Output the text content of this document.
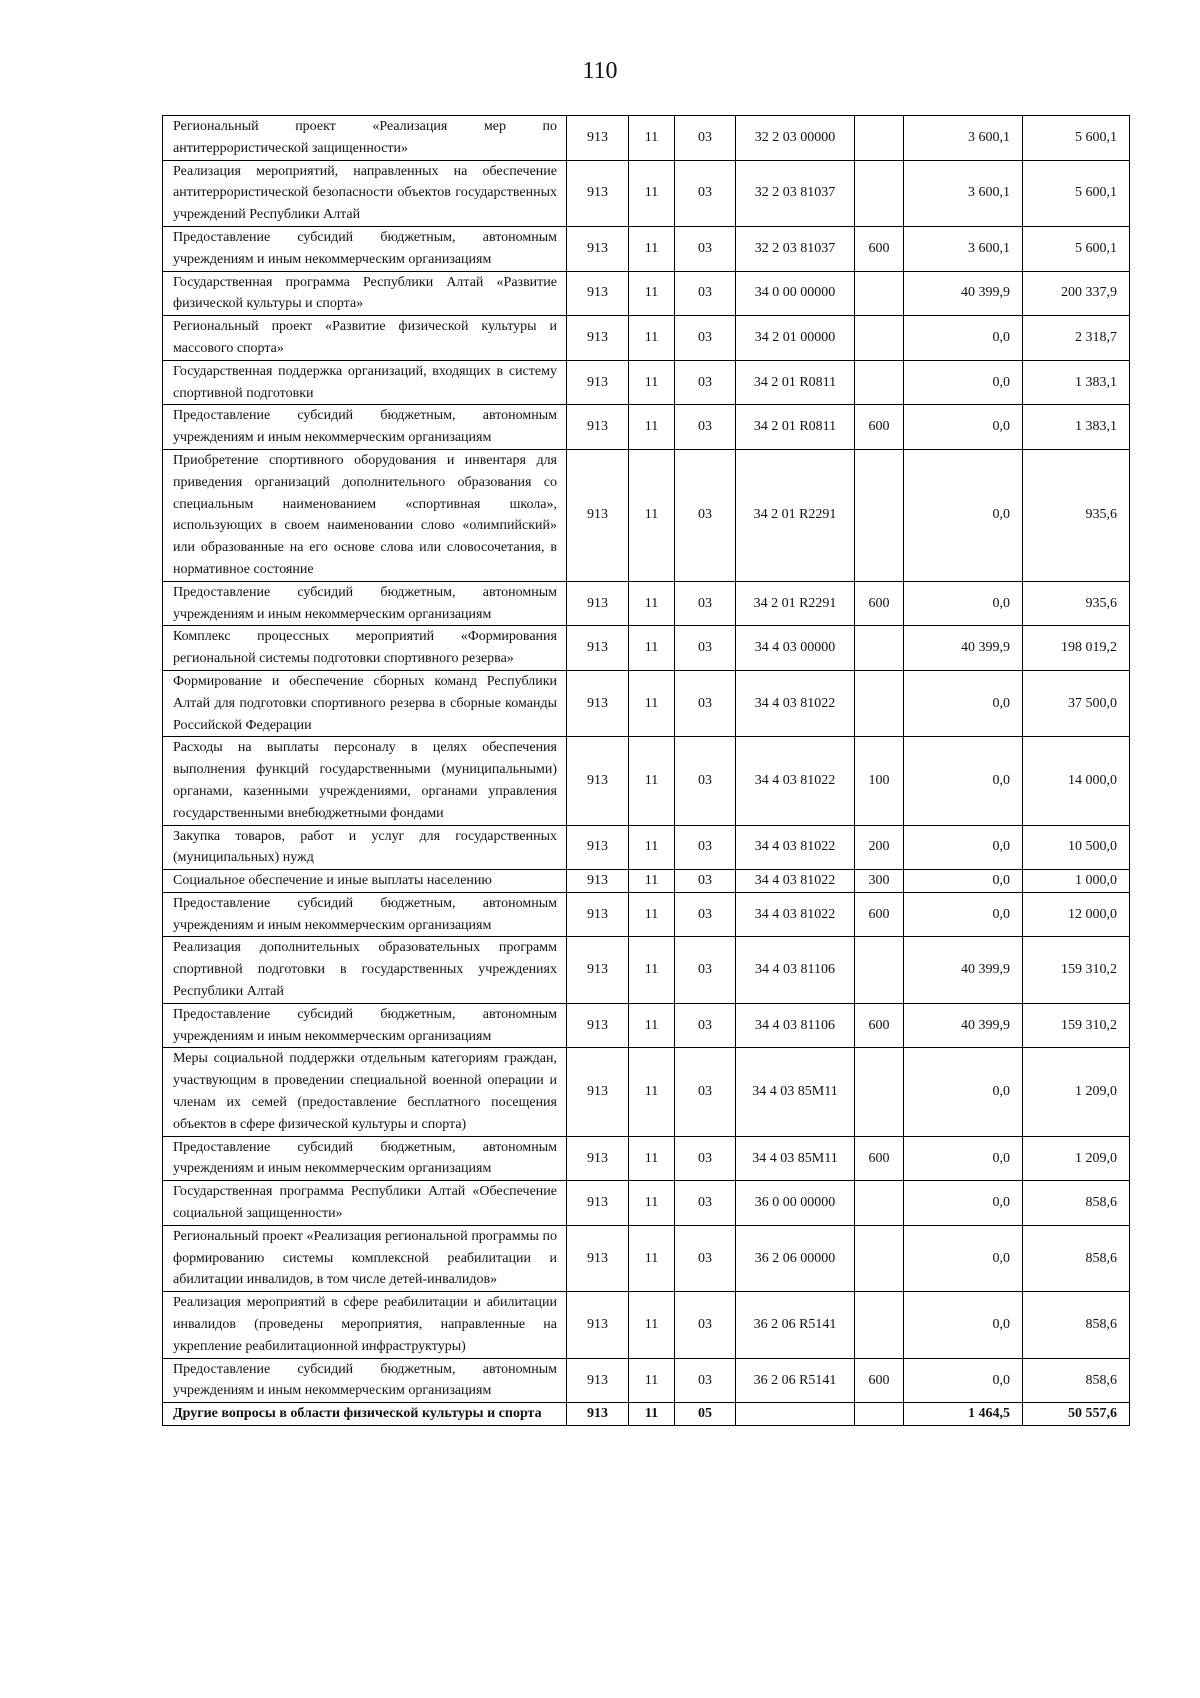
110
Региональный проект «Реализация мер по антитеррористической защищенности»	913	11	03	32 2 03 00000		3 600,1	5 600,1
Реализация мероприятий, направленных на обеспечение антитеррористической безопасности объектов государственных учреждений Республики Алтай	913	11	03	32 2 03 81037		3 600,1	5 600,1
Предоставление субсидий бюджетным, автономным учреждениям и иным некоммерческим организациям	913	11	03	32 2 03 81037	600	3 600,1	5 600,1
Государственная программа Республики Алтай «Развитие физической культуры и спорта»	913	11	03	34 0 00 00000		40 399,9	200 337,9
Региональный проект «Развитие физической культуры и массового спорта»	913	11	03	34 2 01 00000		0,0	2 318,7
Государственная поддержка организаций, входящих в систему спортивной подготовки	913	11	03	34 2 01 R0811		0,0	1 383,1
Предоставление субсидий бюджетным, автономным учреждениям и иным некоммерческим организациям	913	11	03	34 2 01 R0811	600	0,0	1 383,1
Приобретение спортивного оборудования и инвентаря для приведения организаций дополнительного образования со специальным наименованием «спортивная школа», использующих в своем наименовании слово «олимпийский» или образованные на его основе слова или словосочетания, в нормативное состояние	913	11	03	34 2 01 R2291		0,0	935,6
Предоставление субсидий бюджетным, автономным учреждениям и иным некоммерческим организациям	913	11	03	34 2 01 R2291	600	0,0	935,6
Комплекс процессных мероприятий «Формирования региональной системы подготовки спортивного резерва»	913	11	03	34 4 03 00000		40 399,9	198 019,2
Формирование и обеспечение сборных команд Республики Алтай для подготовки спортивного резерва в сборные команды Российской Федерации	913	11	03	34 4 03 81022		0,0	37 500,0
Расходы на выплаты персоналу в целях обеспечения выполнения функций государственными (муниципальными) органами, казенными учреждениями, органами управления государственными внебюджетными фондами	913	11	03	34 4 03 81022	100	0,0	14 000,0
Закупка товаров, работ и услуг для государственных (муниципальных) нужд	913	11	03	34 4 03 81022	200	0,0	10 500,0
Социальное обеспечение и иные выплаты населению	913	11	03	34 4 03 81022	300	0,0	1 000,0
Предоставление субсидий бюджетным, автономным учреждениям и иным некоммерческим организациям	913	11	03	34 4 03 81022	600	0,0	12 000,0
Реализация дополнительных образовательных программ спортивной подготовки в государственных учреждениях Республики Алтай	913	11	03	34 4 03 81106		40 399,9	159 310,2
Предоставление субсидий бюджетным, автономным учреждениям и иным некоммерческим организациям	913	11	03	34 4 03 81106	600	40 399,9	159 310,2
Меры социальной поддержки отдельным категориям граждан, участвующим в проведении специальной военной операции и членам их семей (предоставление бесплатного посещения объектов в сфере физической культуры и спорта)	913	11	03	34 4 03 85M11		0,0	1 209,0
Предоставление субсидий бюджетным, автономным учреждениям и иным некоммерческим организациям	913	11	03	34 4 03 85M11	600	0,0	1 209,0
Государственная программа Республики Алтай «Обеспечение социальной защищенности»	913	11	03	36 0 00 00000		0,0	858,6
Региональный проект «Реализация региональной программы по формированию системы комплексной реабилитации и абилитации инвалидов, в том числе детей-инвалидов»	913	11	03	36 2 06 00000		0,0	858,6
Реализация мероприятий в сфере реабилитации и абилитации инвалидов (проведены мероприятия, направленные на укрепление реабилитационной инфраструктуры)	913	11	03	36 2 06 R5141		0,0	858,6
Предоставление субсидий бюджетным, автономным учреждениям и иным некоммерческим организациям	913	11	03	36 2 06 R5141	600	0,0	858,6
Другие вопросы в области физической культуры и спорта	913	11	05			1 464,5	50 557,6
